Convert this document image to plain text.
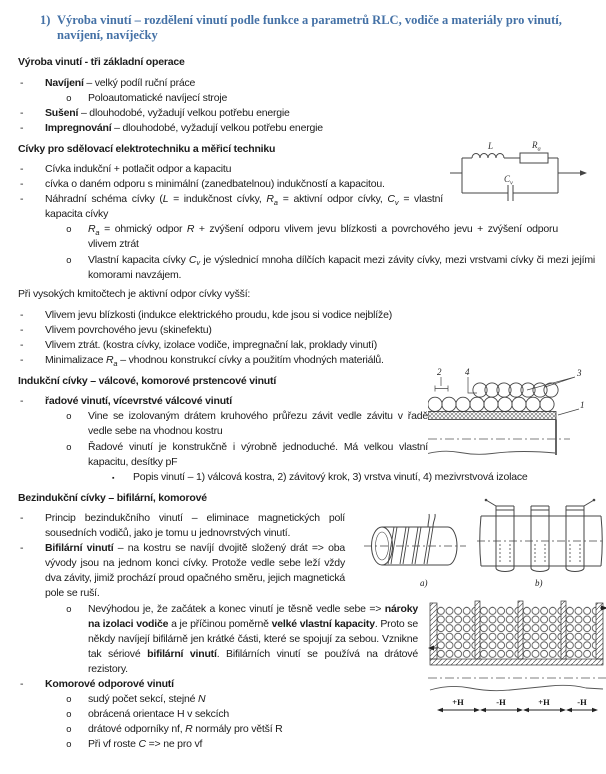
1) Výroba vinutí – rozdělení vinutí podle funkce a parametrů RLC, vodiče a materiály pro vinutí, navíjení, navíječky
Výroba vinutí - tři základní operace
- Navíjení – velký podíl ruční práce
o Poloautomatické navíjecí stroje
- Sušení – dlouhodobé, vyžadují velkou potřebu energie
- Impregnování – dlouhodobé, vyžadují velkou potřebu energie
Cívky pro sdělovací elektrotechniku a měřicí techniku
- Cívka indukční + potlačit odpor a kapacitu
- cívka o daném odporu s minimální (zanedbatelnou) indukčností a kapacitou.
- Náhradní schéma cívky (L = indukčnost cívky, $R_a$ = aktivní odpor cívky, $C_v$ = vlastní kapacita cívky
o $R_a$ = ohmický odpor R + zvýšení odporu vlivem jevu blízkosti a povrchového jevu + zvýšení odporu vlivem ztrát
o Vlastní kapacita cívky $C_v$ je výslednicí mnoha dílčích kapacit mezi závity cívky, mezi vrstvami cívky či mezi jejími komorami navzájem.
Při vysokých kmitočtech je aktivní odpor cívky vyšší:
- Vlivem jevu blízkosti (indukce elektrického proudu, kde jsou si vodice nejblíže)
- Vlivem povrchového jevu (skinefektu)
- Vlivem ztrát. (kostra cívky, izolace vodiče, impregnační lak, proklady vinutí)
- Minimalizace $R_a$ – vhodnou konstrukcí cívky a použitím vhodných materiálů.
Indukční cívky – válcové, komorové prstencové vinutí
- řadové vinutí, vícevrstvé válcové vinutí
o Vine se izolovaným drátem kruhového průřezu závit vedle závitu v řadě vedle sebe na vhodnou kostru
o Řadové vinutí je konstrukčně i výrobně jednoduché. Má velkou vlastní kapacitu, desítky pF
▪ Popis vinutí – 1) válcová kostra, 2) závitový krok, 3) vrstva vinutí, 4) mezivrstvová izolace
Bezindukční cívky – bifilární, komorové
- Princip bezindukčního vinutí – eliminace magnetických polí sousedních vodičů, jako je tomu u jednovrstvých vinutí.
- Bifilární vinutí – na kostru se navíjí dvojitě složený drát => oba vývody jsou na jednom konci cívky. Protože vedle sebe leží vždy dva závity, jimiž prochází proud opačného směru, jejich magnetická pole se ruší.
o Nevýhodou je, že začátek a konec vinutí je těsně vedle sebe => nároky na izolaci vodiče a je příčinou poměrně velké vlastní kapacity. Proto se někdy navíjejí bifilárně jen krátké části, které se spojují za sebou. Vznikne tak sériové bifilární vinutí. Bifilárních vinutí se používá na drátové rezistory.
- Komorové odporové vinutí
o sudý počet sekcí, stejné N
o obrácená orientace H v sekcích
o drátové odporníky nf, R normály pro větší R
o Při vf roste C => ne pro vf
L	$R_a$
$C_v$
2	4	3
1
a)	b)
+H	-H	+H	-H
